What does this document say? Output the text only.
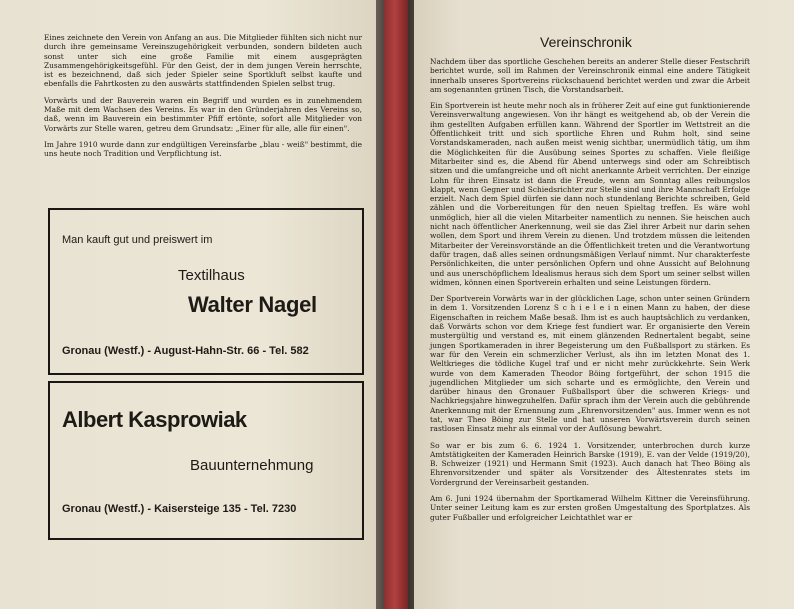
Eines zeichnete den Verein von Anfang an aus. Die Mitglieder fühlten sich nicht nur durch ihre gemeinsame Vereinszugehörigkeit verbunden, sondern bildeten auch sonst unter sich eine große Familie mit einem ausgeprägten Zusammengehörigkeitsgefühl. Für den Geist, der in dem jungen Verein herrschte, ist es bezeichnend, daß sich jeder Spieler seine Sportkluft selbst kaufte und ebenfalls die Fahrtkosten zu den auswärts stattfindenden Spielen selbst trug.

Vorwärts und der Bauverein waren ein Begriff und wurden es in zunehmendem Maße mit dem Wachsen des Vereins. Es war in den Gründerjahren des Vereins so, daß, wenn im Bauverein ein bestimmter Pfiff ertönte, sofort alle Mitglieder von Vorwärts zur Stelle waren, getreu dem Grundsatz: „Einer für alle, alle für einen".

Im Jahre 1910 wurde dann zur endgültigen Vereinsfarbe „blau - weiß" bestimmt, die uns heute noch Tradition und Verpflichtung ist.

Man kauft gut und preiswert im
Textilhaus
Walter Nagel
Gronau (Westf.) - August-Hahn-Str. 66 - Tel. 582
Albert Kasprowiak
Bauunternehmung
Gronau (Westf.) - Kaisersteige 135 - Tel. 7230
Vereinschronik

Nachdem über das sportliche Geschehen bereits an anderer Stelle dieser Festschrift berichtet wurde, soll im Rahmen der Vereinschronik einmal eine andere Tätigkeit innerhalb unseres Sportvereins rückschauend berichtet werden und zwar die Arbeit am sogenannten grünen Tisch, die Vorstandsarbeit.

Ein Sportverein ist heute mehr noch als in früherer Zeit auf eine gut funktionierende Vereinsverwaltung angewiesen. Von ihr hängt es weitgehend ab, ob der Verein die ihm gestellten Aufgaben erfüllen kann. Während der Sportler im Wettstreit an die Öffentlichkeit tritt und sich sportliche Ehren und Ruhm holt, sind seine Vorstandskameraden, nach außen meist wenig sichtbar, unermüdlich tätig, um ihm die Möglichkeiten für die Ausübung seines Sportes zu schaffen. Viele fleißige Mitarbeiter sind es, die Abend für Abend unterwegs sind oder am Schreibtisch sitzen und die umfangreiche und oft nicht anerkannte Arbeit verrichten. Der einzige Lohn für ihren Einsatz ist dann die Freude, wenn am Sonntag alles reibungslos klappt, wenn Gegner und Schiedsrichter zur Stelle sind und ihre Mannschaft Erfolge erzielt. Nach dem Spiel dürfen sie dann noch stundenlang Berichte schreiben, Geld zählen und die Vorbereitungen für den neuen Spieltag treffen. Es wäre wohl unmöglich, hier all die vielen Mitarbeiter namentlich zu nennen. Sie heischen auch nicht nach öffentlicher Anerkennung, weil sie das Ziel ihrer Arbeit nur darin sehen wollen, dem Sport und ihrem Verein zu dienen. Und trotzdem müssen die leitenden Mitarbeiter der Vereinsvorstände an die Öffentlichkeit treten und die Verantwortung dafür tragen, daß alles seinen ordnungsmäßigen Verlauf nimmt. Nur charakterfeste Persönlichkeiten, die unter persönlichen Opfern und ohne Aussicht auf Belohnung und aus unerschöpflichem Idealismus heraus sich dem Sport um seiner selbst willen widmen, können einen Sportverein erhalten und seine Leistungen fördern.

Der Sportverein Vorwärts war in der glücklichen Lage, schon unter seinen Gründern in dem 1. Vorsitzenden Lorenz S c h i e l e i n einen Mann zu haben, der diese Eigenschaften in reichem Maße besaß. Ihm ist es auch hauptsächlich zu verdanken, daß Vorwärts schon vor dem Kriege fest fundiert war. Er organisierte den Verein mustergültig und verstand es, mit einem glänzenden Rednertalent begabt, seine jungen Sportkameraden in ihrer Begeisterung um den Fußballsport zu stärken. Es war für den Verein ein schmerzlicher Verlust, als ihn im letzten Monat des 1. Weltkrieges die tödliche Kugel traf und er nicht mehr zurückkehrte. Sein Werk wurde von dem Kameraden Theodor Böing fortgeführt, der schon 1915 die jugendlichen Mitglieder um sich scharte und es ermöglichte, den Verein und darüber hinaus den Gronauer Fußballsport über die schweren Kriegs- und Nachkriegsjahre hinwegzuhelfen. Dafür sprach ihm der Verein auch die gebührende Anerkennung mit der Ernennung zum „Ehrenvorsitzenden" aus. Immer wenn es not tat, war Theo Böing zur Stelle und hat unseren Vorwärtsverein durch seinen rastlosen Einsatz mehr als einmal vor der Auflösung bewahrt.

So war er bis zum 6. 6. 1924 1. Vorsitzender, unterbrochen durch kurze Amtstätigkeiten der Kameraden Heinrich Barske (1919), E. van der Velde (1919/20), B. Schweizer (1921) und Hermann Smit (1923). Auch danach hat Theo Böing als Ehrenvorsitzender und später als Vorsitzender des Ältestenrates stets im Vordergrund der Vereinsarbeit gestanden.

Am 6. Juni 1924 übernahm der Sportkamerad Wilhelm Kittner die Vereinsführung. Unter seiner Leitung kam es zur ersten großen Umgestaltung des Sportplatzes. Als guter Fußballer und erfolgreicher Leichtathlet war er
